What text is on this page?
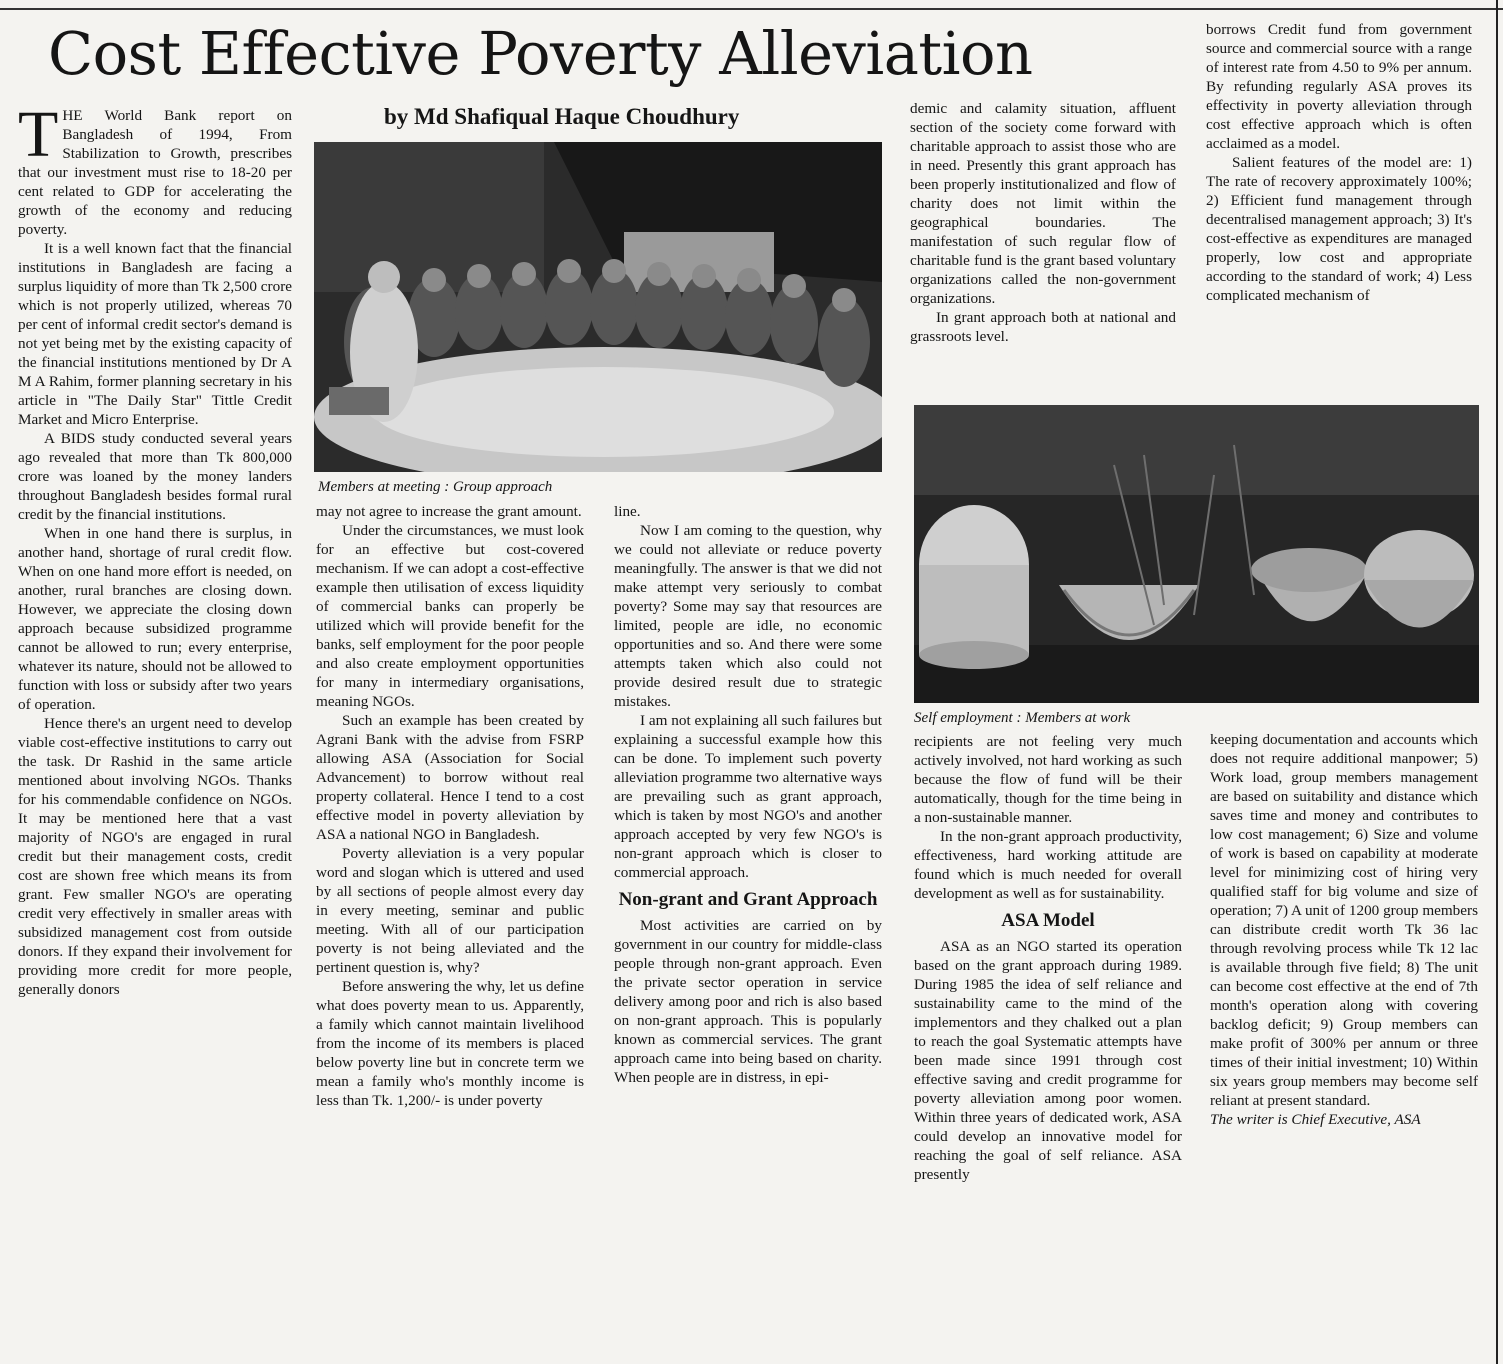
Cost Effective Poverty Alleviation
by Md Shafiqual Haque Choudhury
Members at meeting : Group approach
Self employment : Members at work

THE World Bank report on Bangladesh of 1994, From Stabilization to Growth, prescribes that our investment must rise to 18-20 per cent related to GDP for accelerating the growth of the economy and reducing poverty.

It is a well known fact that the financial institutions in Bangladesh are facing a surplus liquidity of more than Tk 2,500 crore which is not properly utilized, whereas 70 per cent of informal credit sector's demand is not yet being met by the existing capacity of the financial institutions mentioned by Dr A M A Rahim, former planning secretary in his article in "The Daily Star" Tittle Credit Market and Micro Enterprise.

A BIDS study conducted several years ago revealed that more than Tk 800,000 crore was loaned by the money landers throughout Bangladesh besides formal rural credit by the financial institutions.

When in one hand there is surplus, in another hand, shortage of rural credit flow. When on one hand more effort is needed, on another, rural branches are closing down. However, we appreciate the closing down approach because subsidized programme cannot be allowed to run; every enterprise, whatever its nature, should not be allowed to function with loss or subsidy after two years of operation.

Hence there's an urgent need to develop viable cost-effective institutions to carry out the task. Dr Rashid in the same article mentioned about involving NGOs. Thanks for his commendable confidence on NGOs. It may be mentioned here that a vast majority of NGO's are engaged in rural credit but their management costs, credit cost are shown free which means its from grant. Few smaller NGO's are operating credit very effectively in smaller areas with subsidized management cost from outside donors. If they expand their involvement for providing more credit for more people, generally donors

may not agree to increase the grant amount.

Under the circumstances, we must look for an effective but cost-covered mechanism. If we can adopt a cost-effective example then utilisation of excess liquidity of commercial banks can properly be utilized which will provide benefit for the banks, self employment for the poor people and also create employment opportunities for many in intermediary organisations, meaning NGOs.

Such an example has been created by Agrani Bank with the advise from FSRP allowing ASA (Association for Social Advancement) to borrow without real property collateral. Hence I tend to a cost effective model in poverty alleviation by ASA a national NGO in Bangladesh.

Poverty alleviation is a very popular word and slogan which is uttered and used by all sections of people almost every day in every meeting, seminar and public meeting. With all of our participation poverty is not being alleviated and the pertinent question is, why?

Before answering the why, let us define what does poverty mean to us. Apparently, a family which cannot maintain livelihood from the income of its members is placed below poverty line but in concrete term we mean a family who's monthly income is less than Tk. 1,200/- is under poverty

line.

Now I am coming to the question, why we could not alleviate or reduce poverty meaningfully. The answer is that we did not make attempt very seriously to combat poverty? Some may say that resources are limited, people are idle, no economic opportunities and so. And there were some attempts taken which also could not provide desired result due to strategic mistakes.

I am not explaining all such failures but explaining a successful example how this can be done. To implement such poverty alleviation programme two alternative ways are prevailing such as grant approach, which is taken by most NGO's and another approach accepted by very few NGO's is non-grant approach which is closer to commercial approach.

Non-grant and Grant Approach

Most activities are carried on by government in our country for middle-class people through non-grant approach. Even the private sector operation in service delivery among poor and rich is also based on non-grant approach. This is popularly known as commercial services. The grant approach came into being based on charity. When people are in distress, in epi-

demic and calamity situation, affluent section of the society come forward with charitable approach to assist those who are in need. Presently this grant approach has been properly institutionalized and flow of charity does not limit within the geographical boundaries. The manifestation of such regular flow of charitable fund is the grant based voluntary organizations called the non-government organizations.

In grant approach both at national and grassroots level.

borrows Credit fund from government source and commercial source with a range of interest rate from 4.50 to 9% per annum. By refunding regularly ASA proves its effectivity in poverty alleviation through cost effective approach which is often acclaimed as a model.

Salient features of the model are: 1) The rate of recovery approximately 100%; 2) Efficient fund management through decentralised management approach; 3) It's cost-effective as expenditures are managed properly, low cost and appropriate according to the standard of work; 4) Less complicated mechanism of

recipients are not feeling very much actively involved, not hard working as such because the flow of fund will be their automatically, though for the time being in a non-sustainable manner.

In the non-grant approach productivity, effectiveness, hard working attitude are found which is much needed for overall development as well as for sustainability.

ASA Model

ASA as an NGO started its operation based on the grant approach during 1989. During 1985 the idea of self reliance and sustainability came to the mind of the implementors and they chalked out a plan to reach the goal Systematic attempts have been made since 1991 through cost effective saving and credit programme for poverty alleviation among poor women. Within three years of dedicated work, ASA could develop an innovative model for reaching the goal of self reliance. ASA presently

keeping documentation and accounts which does not require additional manpower; 5) Work load, group members management are based on suitability and distance which saves time and money and contributes to low cost management; 6) Size and volume of work is based on capability at moderate level for minimizing cost of hiring very qualified staff for big volume and size of operation; 7) A unit of 1200 group members can distribute credit worth Tk 36 lac through revolving process while Tk 12 lac is available through five field; 8) The unit can become cost effective at the end of 7th month's operation along with covering backlog deficit; 9) Group members can make profit of 300% per annum or three times of their initial investment; 10) Within six years group members may become self reliant at present standard.

The writer is Chief Executive, ASA
